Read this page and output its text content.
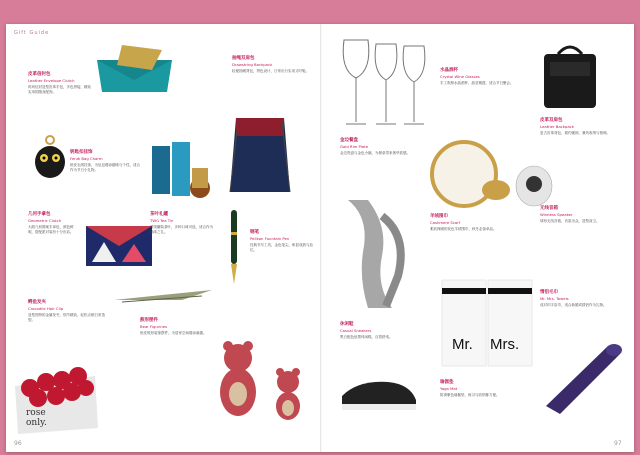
Gift Guide
皮革信封包
Leather Envelope Clutch
时尚信封造型皮革手包，多色拼接，精致实用的随身配饰。
钥匙扣挂饰
Fendi Bag Charm
俏皮毛绒挂饰，为包包增添趣味与个性，适合作为节日小礼物。
几何手拿包
Geometric Clutch
大胆几何图案手拿包，颜色鲜明，搭配派对装扮十分出彩。
鳄鱼发夹
Crocodile Hair Clip
造型独特的金属发夹，细节精致，轻松点缀日常造型。
rose
only.
茶叶礼罐
TWG Tea Tin
精美罐装茶叶，多种口味可选，适合作为品味之礼。
抽绳双肩包
Drawstring Backpack
轻便抽绳背包，拼色设计，日常出行实用又时髦。
钢笔
Pelikan Fountain Pen
经典书写工具，金色笔尖，彰显成熟与品位。
熊形摆件
Bear Figurines
俏皮熊形装饰摆件，为居家空间增添童趣。
水晶酒杯
Crystal Wine Glasses
手工吹制水晶酒杯，晶莹剔透，适合节日聚会。
金边餐盘
Gold Rim Plate
金边瓷盘与金色小碗，为餐桌带来奢华质感。
羊绒围巾
Cashmere Scarf
柔软保暖的灰色羊绒围巾，秋冬必备单品。
休闲鞋
Casual Sneakers
黑白配色低帮休闲鞋，百搭舒适。
皮革双肩包
Leather Backpack
复古皮革背包，简约硬朗，兼具收纳与格调。
无线音箱
Wireless Speaker
球形无线音箱，音质出众，造型前卫。
Mr. Mrs.
情侣毛巾
Mr. Mrs. Towels
成对印字浴巾，适合新婚或情侣作为礼物。
瑜伽垫
Yoga Mat
防滑紫色瑜伽垫，练习与收纳都方便。
96	97
